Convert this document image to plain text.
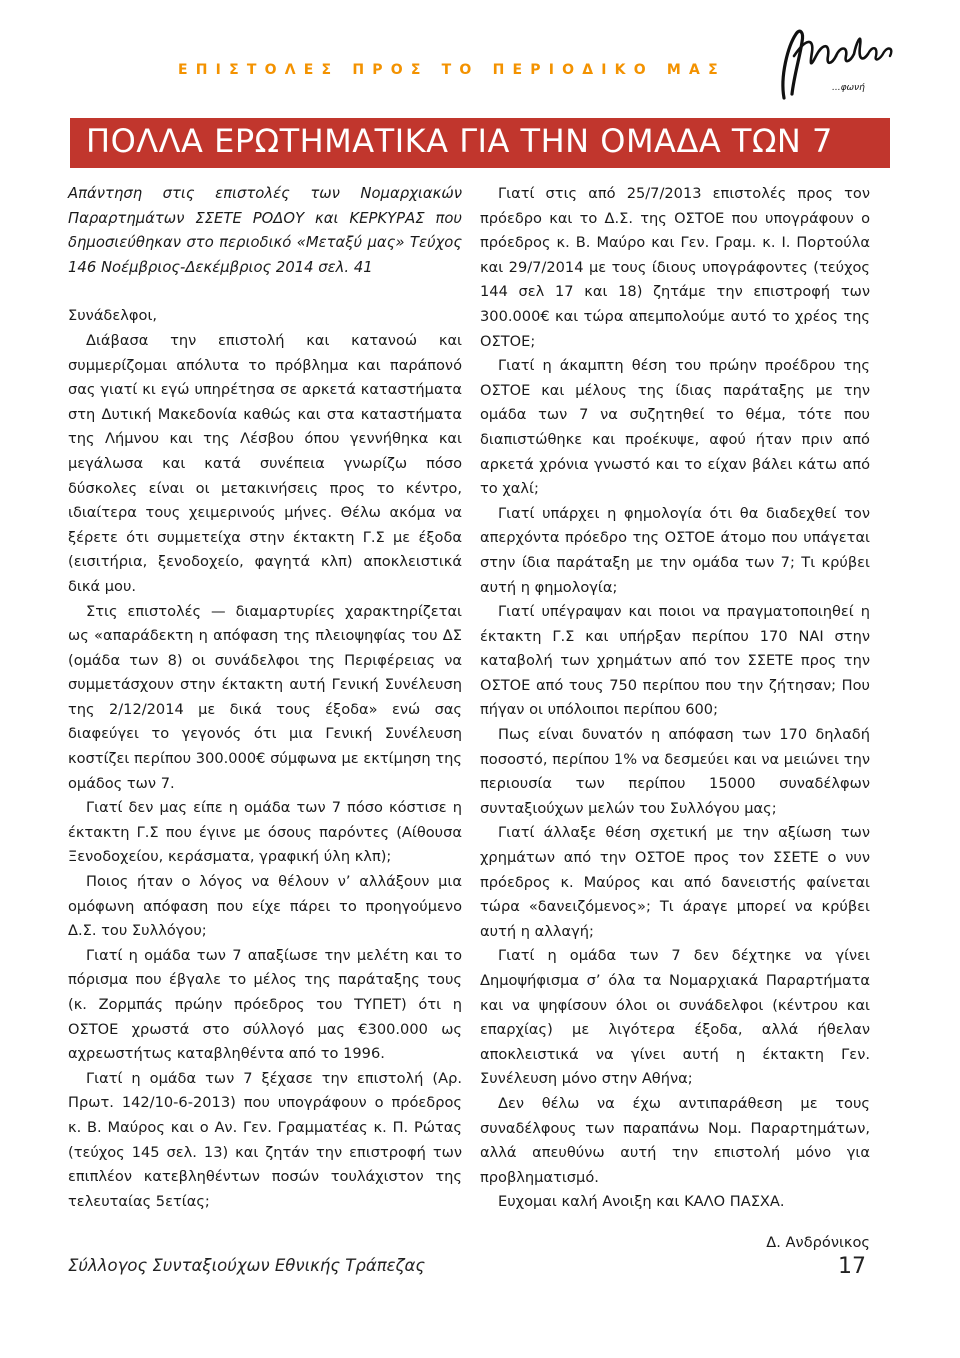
ΕΠΙΣΤΟΛΕΣ ΠΡΟΣ ΤΟ ΠΕΡΙΟΔΙΚΟ ΜΑΣ
...φωνή
ΠΟΛΛΑ ΕΡΩΤΗΜΑΤΙΚΑ ΓΙΑ ΤΗΝ ΟΜΑΔΑ ΤΩΝ 7

Απάντηση στις επιστολές των Νομαρχιακών Παραρτημάτων ΣΣΕΤΕ ΡΟΔΟΥ και ΚΕΡΚΥΡΑΣ που δημοσιεύθηκαν στο περιοδικό «Μεταξύ μας» Τεύχος 146 Νοέμβριος-Δεκέμβριος 2014 σελ. 41

Συνάδελφοι,

Διάβασα την επιστολή και κατανοώ και συμμερίζομαι απόλυτα το πρόβλημα και παράπονό σας γιατί κι εγώ υπηρέτησα σε αρκετά καταστήματα στη Δυτική Μακεδονία καθώς και στα καταστήματα της Λήμνου και της Λέσβου όπου γεννήθηκα και μεγάλωσα και κατά συνέπεια γνωρίζω πόσο δύσκολες είναι οι μετακινήσεις προς το κέντρο, ιδιαίτερα τους χειμερινούς μήνες. Θέλω ακόμα να ξέρετε ότι συμμετείχα στην έκτακτη Γ.Σ με έξοδα (εισιτήρια, ξενοδοχείο, φαγητά κλπ) αποκλειστικά δικά μου.

Στις επιστολές — διαμαρτυρίες χαρακτηρίζεται ως «απαράδεκτη η απόφαση της πλειοψηφίας του ΔΣ (ομάδα των 8) οι συνάδελφοι της Περιφέρειας να συμμετάσχουν στην έκτακτη αυτή Γενική Συνέλευση της 2/12/2014 με δικά τους έξοδα» ενώ σας διαφεύγει το γεγονός ότι μια Γενική Συνέλευση κοστίζει περίπου 300.000€ σύμφωνα με εκτίμηση της ομάδος των 7.

Γιατί δεν μας είπε η ομάδα των 7 πόσο κόστισε η έκτακτη Γ.Σ που έγινε με όσους παρόντες (Αίθουσα Ξενοδοχείου, κεράσματα, γραφική ύλη κλπ);

Ποιος ήταν ο λόγος να θέλουν ν’ αλλάξουν μια ομόφωνη απόφαση που είχε πάρει το προηγούμενο Δ.Σ. του Συλλόγου;

Γιατί η ομάδα των 7 απαξίωσε την μελέτη και το πόρισμα που έβγαλε το μέλος της παράταξης τους (κ. Ζορμπάς πρώην πρόεδρος του ΤΥΠΕΤ) ότι η ΟΣΤΟΕ χρωστά στο σύλλογό μας €300.000 ως αχρεωστήτως καταβληθέντα από το 1996.

Γιατί η ομάδα των 7 ξέχασε την επιστολή (Αρ. Πρωτ. 142/10-6-2013) που υπογράφουν ο πρόεδρος κ. Β. Μαύρος και ο Αν. Γεν. Γραμματέας κ. Π. Ρώτας (τεύχος 145 σελ. 13) και ζητάν την επιστροφή των επιπλέον κατεβληθέντων ποσών τουλάχιστον της τελευταίας 5ετίας;

Γιατί στις από 25/7/2013 επιστολές προς τον πρόεδρο και το Δ.Σ. της ΟΣΤΟΕ που υπογράφουν ο πρόεδρος κ. Β. Μαύρο και Γεν. Γραμ. κ. Ι. Πορτούλα και 29/7/2014 με τους ίδιους υπογράφοντες (τεύχος 144 σελ 17 και 18) ζητάμε την επιστροφή των 300.000€ και τώρα απεμπολούμε αυτό το χρέος της ΟΣΤΟΕ;

Γιατί η άκαμπτη θέση του πρώην προέδρου της ΟΣΤΟΕ και μέλους της ίδιας παράταξης με την ομάδα των 7 να συζητηθεί το θέμα, τότε που διαπιστώθηκε και προέκυψε, αφού ήταν πριν από αρκετά χρόνια γνωστό και το είχαν βάλει κάτω από το χαλί;

Γιατί υπάρχει η φημολογία ότι θα διαδεχθεί τον απερχόντα πρόεδρο της ΟΣΤΟΕ άτομο που υπάγεται στην ίδια παράταξη με την ομάδα των 7; Τι κρύβει αυτή η φημολογία;

Γιατί υπέγραψαν και ποιοι να πραγματοποιηθεί η έκτακτη Γ.Σ και υπήρξαν περίπου 170 ΝΑΙ στην καταβολή των χρημάτων από τον ΣΣΕΤΕ προς την ΟΣΤΟΕ από τους 750 περίπου που την ζήτησαν; Που πήγαν οι υπόλοιποι περίπου 600;

Πως είναι δυνατόν η απόφαση των 170 δηλαδή ποσοστό, περίπου 1% να δεσμεύει και να μειώνει την περιουσία των περίπου 15000 συναδέλφων συνταξιούχων μελών του Συλλόγου μας;

Γιατί άλλαξε θέση σχετική με την αξίωση των χρημάτων από την ΟΣΤΟΕ προς τον ΣΣΕΤΕ ο νυν πρόεδρος κ. Μαύρος και από δανειστής φαίνεται τώρα «δανειζόμενος»; Τι άραγε μπορεί να κρύβει αυτή η αλλαγή;

Γιατί η ομάδα των 7 δεν δέχτηκε να γίνει Δημοψήφισμα σ’ όλα τα Νομαρχιακά Παραρτήματα και να ψηφίσουν όλοι οι συνάδελφοι (κέντρου και επαρχίας) με λιγότερα έξοδα, αλλά ήθελαν αποκλειστικά να γίνει αυτή η έκτακτη Γεν. Συνέλευση μόνο στην Αθήνα;

Δεν θέλω να έχω αντιπαράθεση με τους συναδέλφους των παραπάνω Νομ. Παραρτημάτων, αλλά απευθύνω αυτή την επιστολή μόνο για προβληματισμό.

Ευχομαι καλή Ανοιξη και ΚΑΛΟ ΠΑΣΧΑ.

Δ. Ανδρόνικος

Σύλλογος Συνταξιούχων Εθνικής Τράπεζας	17
